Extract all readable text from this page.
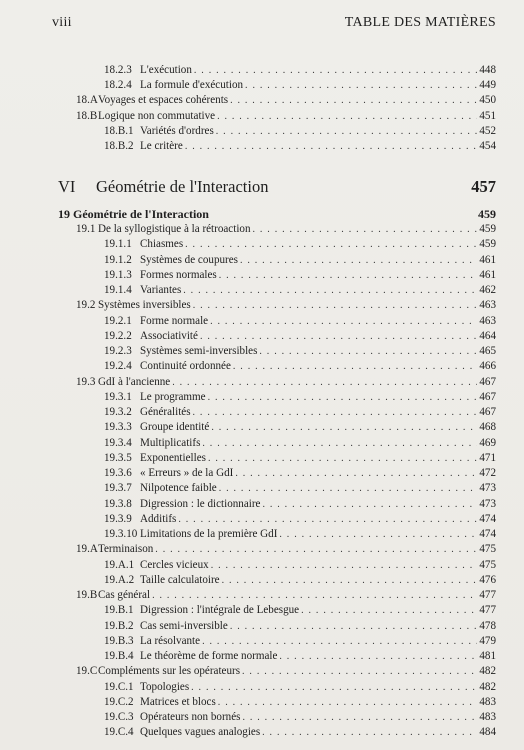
viii	TABLE DES MATIÈRES
18.2.3 L'exécution . . .	448
18.2.4 La formule d'exécution . . .	449
18.A Voyages et espaces cohérents . . .	450
18.B Logique non commutative . . .	451
18.B.1 Variétés d'ordres . . .	452
18.B.2 Le critère . . .	454
VI Géométrie de l'Interaction	457
19 Géométrie de l'Interaction	459
19.1 De la syllogistique à la rétroaction . . .	459
19.1.1 Chiasmes . . .	459
19.1.2 Systèmes de coupures . . .	461
19.1.3 Formes normales . . .	461
19.1.4 Variantes . . .	462
19.2 Systèmes inversibles . . .	463
19.2.1 Forme normale . . .	463
19.2.2 Associativité . . .	464
19.2.3 Systèmes semi-inversibles . . .	465
19.2.4 Continuité ordonnée . . .	466
19.3 GdI à l'ancienne . . .	467
19.3.1 Le programme . . .	467
19.3.2 Généralités . . .	467
19.3.3 Groupe identité . . .	468
19.3.4 Multiplicatifs . . .	469
19.3.5 Exponentielles . . .	471
19.3.6 « Erreurs » de la GdI . . .	472
19.3.7 Nilpotence faible . . .	473
19.3.8 Digression : le dictionnaire . . .	473
19.3.9 Additifs . . .	474
19.3.10 Limitations de la première GdI . . .	474
19.A Terminaison . . .	475
19.A.1 Cercles vicieux . . .	475
19.A.2 Taille calculatoire . . .	476
19.B Cas général . . .	477
19.B.1 Digression : l'intégrale de Lebesgue . . .	477
19.B.2 Cas semi-inversible . . .	478
19.B.3 La résolvante . . .	479
19.B.4 Le théorème de forme normale . . .	481
19.C Compléments sur les opérateurs . . .	482
19.C.1 Topologies . . .	482
19.C.2 Matrices et blocs . . .	483
19.C.3 Opérateurs non bornés . . .	483
19.C.4 Quelques vagues analogies . . .	484
